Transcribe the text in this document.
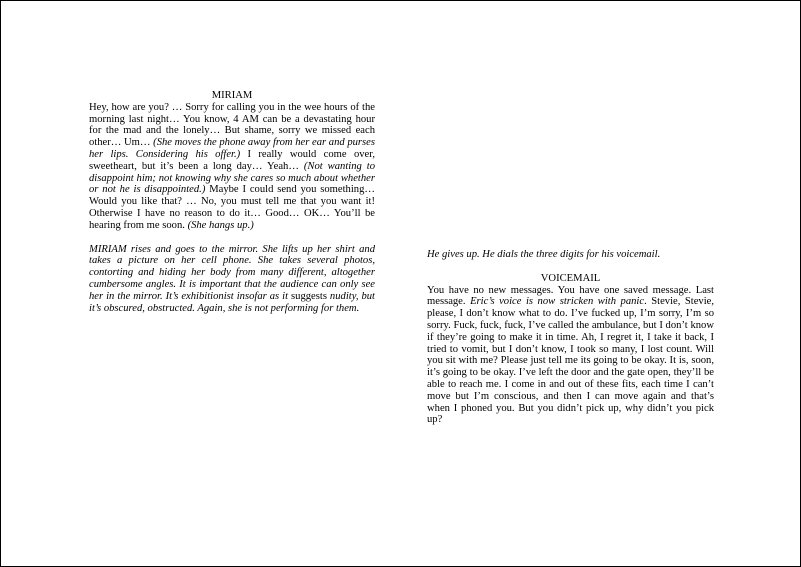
MIRIAM

Hey, how are you? … Sorry for calling you in the wee hours of the morning last night… You know, 4 AM can be a devastating hour for the mad and the lonely… But shame, sorry we missed each other… Um… (She moves the phone away from her ear and purses her lips. Considering his offer.) I really would come over, sweetheart, but it’s been a long day… Yeah… (Not wanting to disappoint him; not knowing why she cares so much about whether or not he is disappointed.) Maybe I could send you something… Would you like that? … No, you must tell me that you want it! Otherwise I have no reason to do it… Good… OK… You’ll be hearing from me soon. (She hangs up.)

MIRIAM rises and goes to the mirror. She lifts up her shirt and takes a picture on her cell phone. She takes several photos, contorting and hiding her body from many different, altogether cumbersome angles. It is important that the audience can only see her in the mirror. It’s exhibitionist insofar as it suggests nudity, but it’s obscured, obstructed. Again, she is not performing for them.

He gives up. He dials the three digits for his voicemail.

VOICEMAIL

You have no new messages. You have one saved message. Last message. Eric’s voice is now stricken with panic. Stevie, Stevie, please, I don’t know what to do. I’ve fucked up, I’m sorry, I’m so sorry. Fuck, fuck, fuck, I’ve called the ambulance, but I don’t know if they’re going to make it in time. Ah, I regret it, I take it back, I tried to vomit, but I don’t know, I took so many, I lost count. Will you sit with me? Please just tell me its going to be okay. It is, soon, it’s going to be okay. I’ve left the door and the gate open, they’ll be able to reach me. I come in and out of these fits, each time I can’t move but I’m conscious, and then I can move again and that’s when I phoned you. But you didn’t pick up, why didn’t you pick up?
